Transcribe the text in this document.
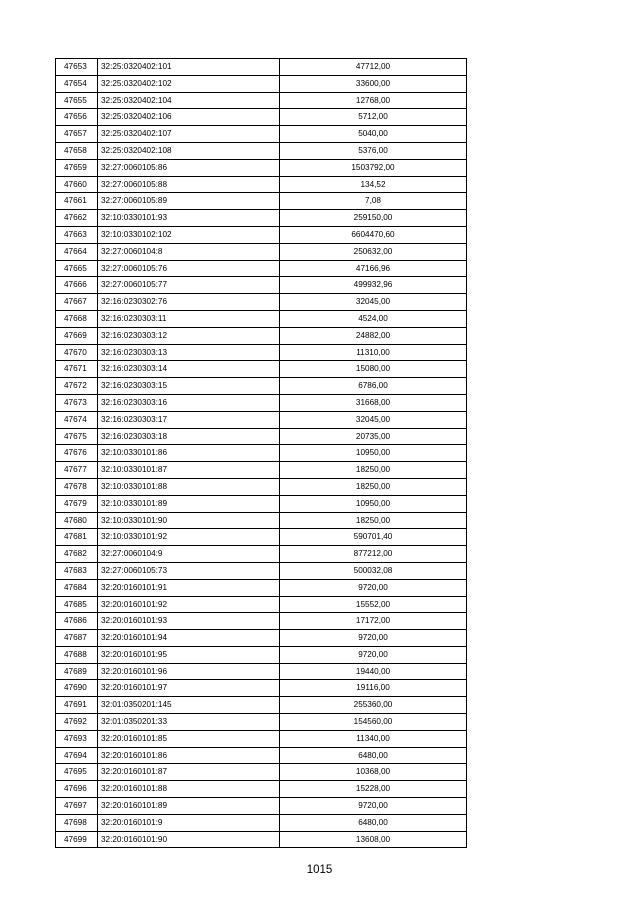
47653	32:25:0320402:101	47712,00
47654	32:25:0320402:102	33600,00
47655	32:25:0320402:104	12768,00
47656	32:25:0320402:106	5712,00
47657	32:25:0320402:107	5040,00
47658	32:25:0320402:108	5376,00
47659	32:27:0060105:86	1503792,00
47660	32:27:0060105:88	134,52
47661	32:27:0060105:89	7,08
47662	32:10:0330101:93	259150,00
47663	32:10:0330102:102	6604470,60
47664	32:27:0060104:8	250632,00
47665	32:27:0060105:76	47166,96
47666	32:27:0060105:77	499932,96
47667	32:16:0230302:76	32045,00
47668	32:16:0230303:11	4524,00
47669	32:16:0230303:12	24882,00
47670	32:16:0230303:13	11310,00
47671	32:16:0230303:14	15080,00
47672	32:16:0230303:15	6786,00
47673	32:16:0230303:16	31668,00
47674	32:16:0230303:17	32045,00
47675	32:16:0230303:18	20735,00
47676	32:10:0330101:86	10950,00
47677	32:10:0330101:87	18250,00
47678	32:10:0330101:88	18250,00
47679	32:10:0330101:89	10950,00
47680	32:10:0330101:90	18250,00
47681	32:10:0330101:92	590701,40
47682	32:27:0060104:9	877212,00
47683	32:27:0060105:73	500032,08
47684	32:20:0160101:91	9720,00
47685	32:20:0160101:92	15552,00
47686	32:20:0160101:93	17172,00
47687	32:20:0160101:94	9720,00
47688	32:20:0160101:95	9720,00
47689	32:20:0160101:96	19440,00
47690	32:20:0160101:97	19116,00
47691	32:01:0350201:145	255360,00
47692	32:01:0350201:33	154560,00
47693	32:20:0160101:85	11340,00
47694	32:20:0160101:86	6480,00
47695	32:20:0160101:87	10368,00
47696	32:20:0160101:88	15228,00
47697	32:20:0160101:89	9720,00
47698	32:20:0160101:9	6480,00
47699	32:20:0160101:90	13608,00
1015
